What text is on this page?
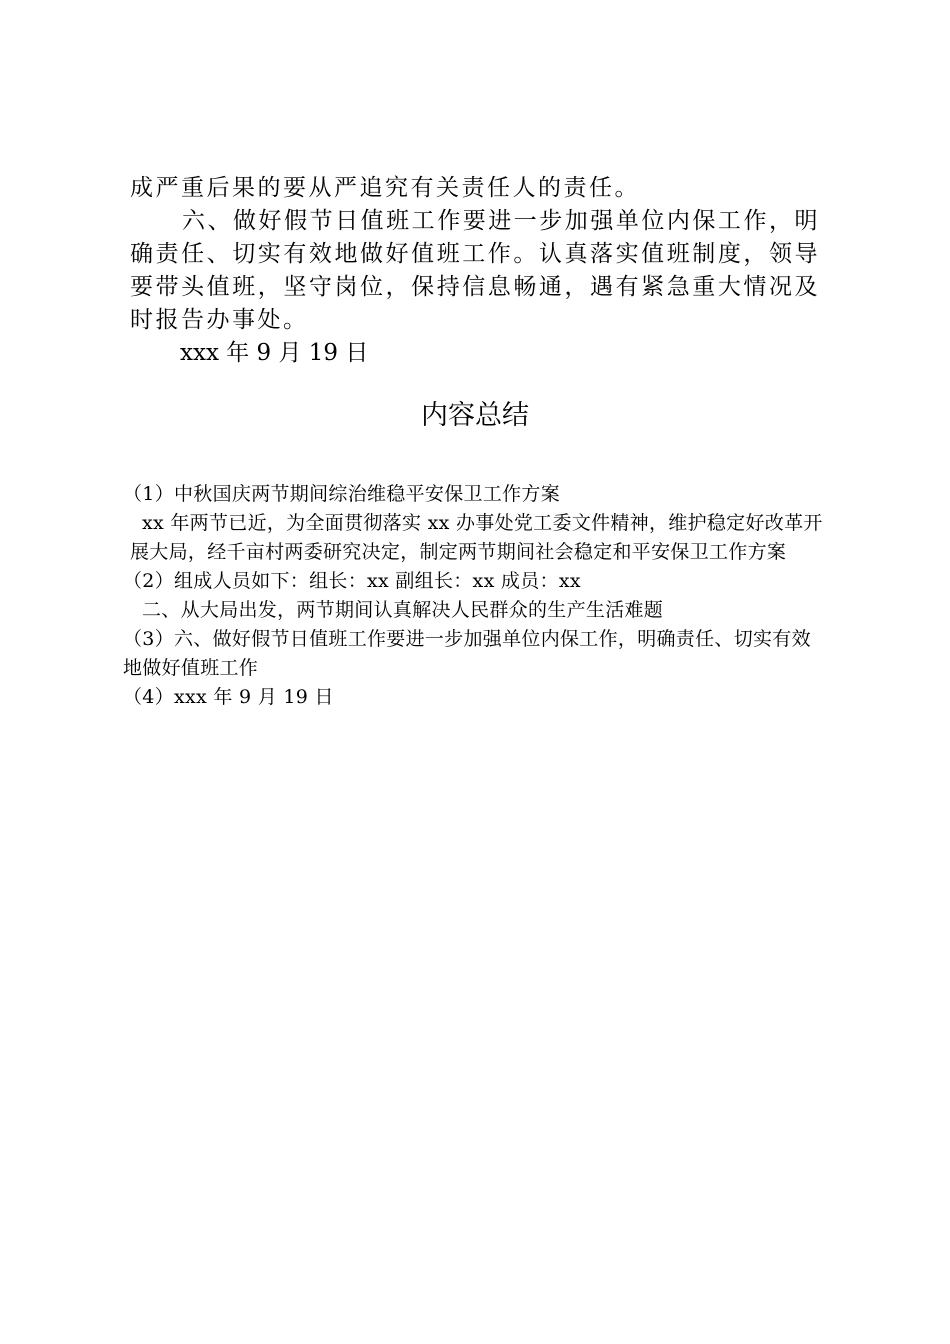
成严重后果的要从严追究有关责任人的责任。

六、做好假节日值班工作要进一步加强单位内保工作，明确责任、切实有效地做好值班工作。认真落实值班制度，领导要带头值班，坚守岗位，保持信息畅通，遇有紧急重大情况及时报告办事处。

xxx 年 9 月 19 日

内容总结

（1）中秋国庆两节期间综治维稳平安保卫工作方案

xx 年两节已近，为全面贯彻落实 xx 办事处党工委文件精神，维护稳定好改革开展大局，经千亩村两委研究决定，制定两节期间社会稳定和平安保卫工作方案

（2）组成人员如下：组长：xx 副组长：xx 成员：xx

二、从大局出发，两节期间认真解决人民群众的生产生活难题

（3）六、做好假节日值班工作要进一步加强单位内保工作，明确责任、切实有效地做好值班工作

（4）xxx 年 9 月 19 日
